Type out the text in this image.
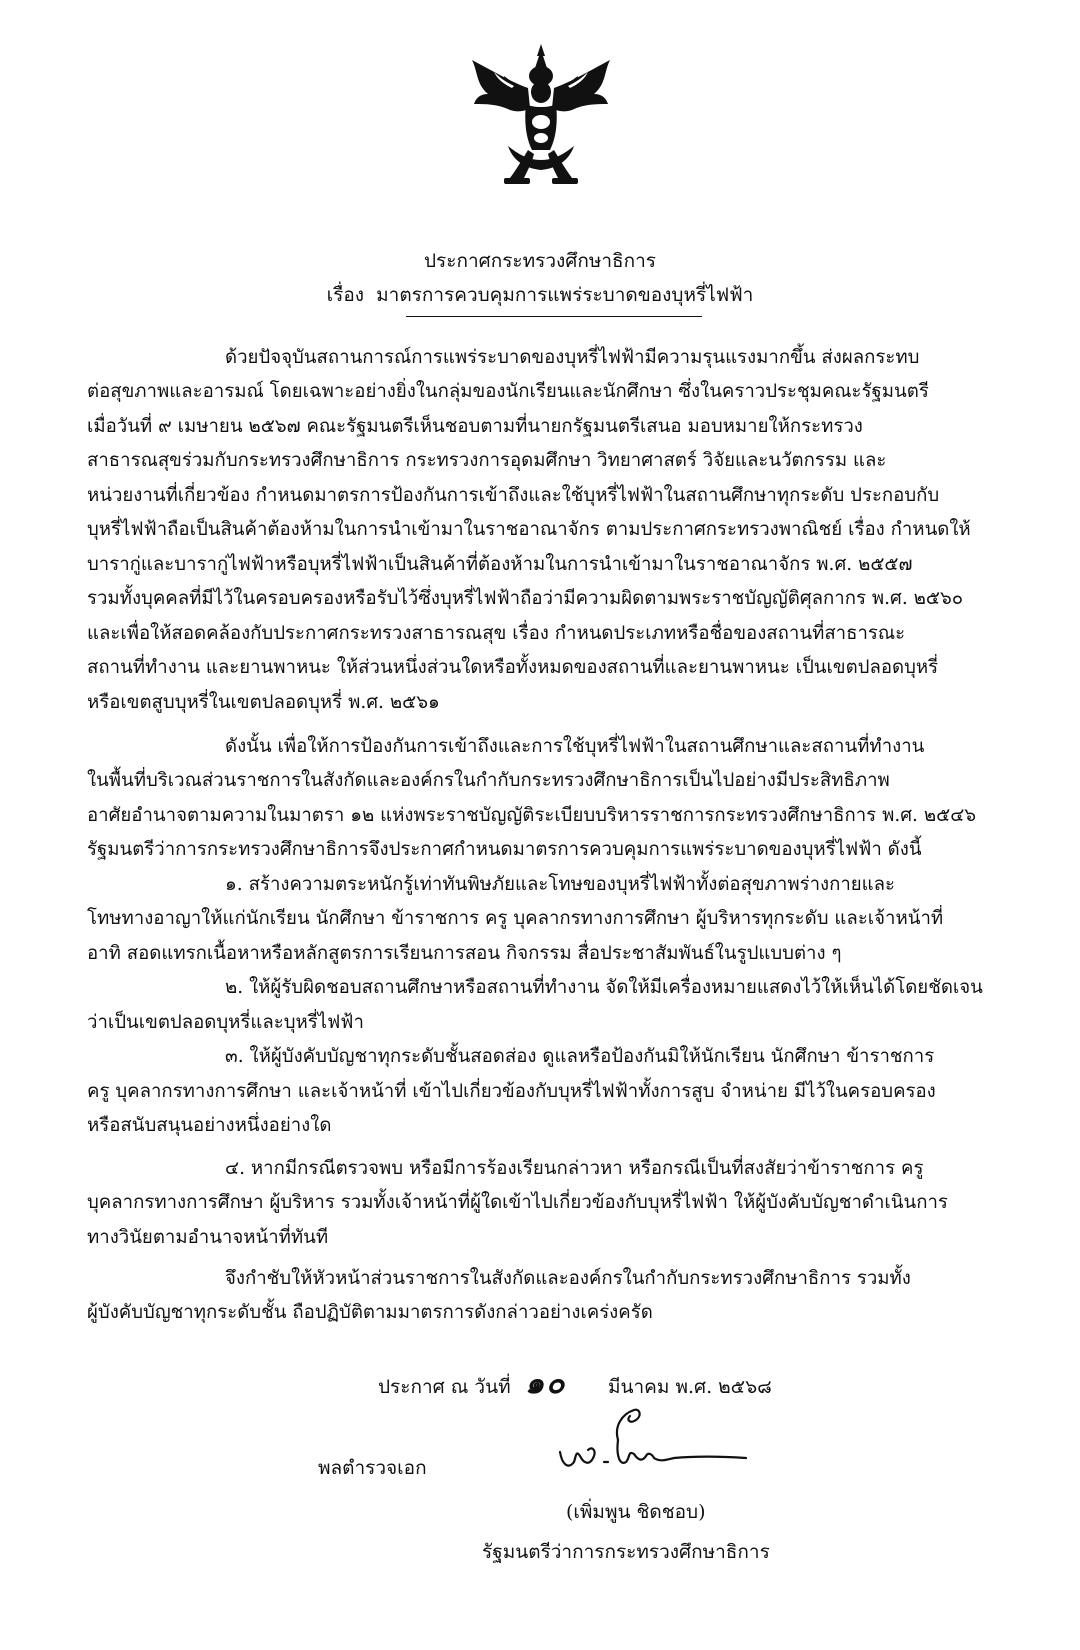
ประกาศกระทรวงศึกษาธิการ
เรื่อง มาตรการควบคุมการแพร่ระบาดของบุหรี่ไฟฟ้า
ด้วยปัจจุบันสถานการณ์การแพร่ระบาดของบุหรี่ไฟฟ้ามีความรุนแรงมากขึ้น ส่งผลกระทบ
ต่อสุขภาพและอารมณ์ โดยเฉพาะอย่างยิ่งในกลุ่มของนักเรียนและนักศึกษา ซึ่งในคราวประชุมคณะรัฐมนตรี
เมื่อวันที่ ๙ เมษายน ๒๕๖๗ คณะรัฐมนตรีเห็นชอบตามที่นายกรัฐมนตรีเสนอ มอบหมายให้กระทรวง
สาธารณสุขร่วมกับกระทรวงศึกษาธิการ กระทรวงการอุดมศึกษา วิทยาศาสตร์ วิจัยและนวัตกรรม และ
หน่วยงานที่เกี่ยวข้อง กำหนดมาตรการป้องกันการเข้าถึงและใช้บุหรี่ไฟฟ้าในสถานศึกษาทุกระดับ ประกอบกับ
บุหรี่ไฟฟ้าถือเป็นสินค้าต้องห้ามในการนำเข้ามาในราชอาณาจักร ตามประกาศกระทรวงพาณิชย์ เรื่อง กำหนดให้
บารากู่และบารากู่ไฟฟ้าหรือบุหรี่ไฟฟ้าเป็นสินค้าที่ต้องห้ามในการนำเข้ามาในราชอาณาจักร พ.ศ. ๒๕๕๗
รวมทั้งบุคคลที่มีไว้ในครอบครองหรือรับไว้ซึ่งบุหรี่ไฟฟ้าถือว่ามีความผิดตามพระราชบัญญัติศุลกากร พ.ศ. ๒๕๖๐
และเพื่อให้สอดคล้องกับประกาศกระทรวงสาธารณสุข เรื่อง กำหนดประเภทหรือชื่อของสถานที่สาธารณะ
สถานที่ทำงาน และยานพาหนะ ให้ส่วนหนึ่งส่วนใดหรือทั้งหมดของสถานที่และยานพาหนะ เป็นเขตปลอดบุหรี่
หรือเขตสูบบุหรี่ในเขตปลอดบุหรี่ พ.ศ. ๒๕๖๑
ดังนั้น เพื่อให้การป้องกันการเข้าถึงและการใช้บุหรี่ไฟฟ้าในสถานศึกษาและสถานที่ทำงาน
ในพื้นที่บริเวณส่วนราชการในสังกัดและองค์กรในกำกับกระทรวงศึกษาธิการเป็นไปอย่างมีประสิทธิภาพ
อาศัยอำนาจตามความในมาตรา ๑๒ แห่งพระราชบัญญัติระเบียบบริหารราชการกระทรวงศึกษาธิการ พ.ศ. ๒๕๔๖
รัฐมนตรีว่าการกระทรวงศึกษาธิการจึงประกาศกำหนดมาตรการควบคุมการแพร่ระบาดของบุหรี่ไฟฟ้า ดังนี้
๑. สร้างความตระหนักรู้เท่าทันพิษภัยและโทษของบุหรี่ไฟฟ้าทั้งต่อสุขภาพร่างกายและ
โทษทางอาญาให้แก่นักเรียน นักศึกษา ข้าราชการ ครู บุคลากรทางการศึกษา ผู้บริหารทุกระดับ และเจ้าหน้าที่
อาทิ สอดแทรกเนื้อหาหรือหลักสูตรการเรียนการสอน กิจกรรม สื่อประชาสัมพันธ์ในรูปแบบต่าง ๆ
๒. ให้ผู้รับผิดชอบสถานศึกษาหรือสถานที่ทำงาน จัดให้มีเครื่องหมายแสดงไว้ให้เห็นได้โดยชัดเจน
ว่าเป็นเขตปลอดบุหรี่และบุหรี่ไฟฟ้า
๓. ให้ผู้บังคับบัญชาทุกระดับชั้นสอดส่อง ดูแลหรือป้องกันมิให้นักเรียน นักศึกษา ข้าราชการ
ครู บุคลากรทางการศึกษา และเจ้าหน้าที่ เข้าไปเกี่ยวข้องกับบุหรี่ไฟฟ้าทั้งการสูบ จำหน่าย มีไว้ในครอบครอง
หรือสนับสนุนอย่างหนึ่งอย่างใด
๔. หากมีกรณีตรวจพบ หรือมีการร้องเรียนกล่าวหา หรือกรณีเป็นที่สงสัยว่าข้าราชการ ครู
บุคลากรทางการศึกษา ผู้บริหาร รวมทั้งเจ้าหน้าที่ผู้ใดเข้าไปเกี่ยวข้องกับบุหรี่ไฟฟ้า ให้ผู้บังคับบัญชาดำเนินการ
ทางวินัยตามอำนาจหน้าที่ทันที
จึงกำชับให้หัวหน้าส่วนราชการในสังกัดและองค์กรในกำกับกระทรวงศึกษาธิการ รวมทั้ง
ผู้บังคับบัญชาทุกระดับชั้น ถือปฏิบัติตามมาตรการดังกล่าวอย่างเคร่งครัด
ประกาศ ณ วันที่ ๑๐ มีนาคม พ.ศ. ๒๕๖๘
พลตำรวจเอก
(เพิ่มพูน ชิดชอบ)
รัฐมนตรีว่าการกระทรวงศึกษาธิการ
